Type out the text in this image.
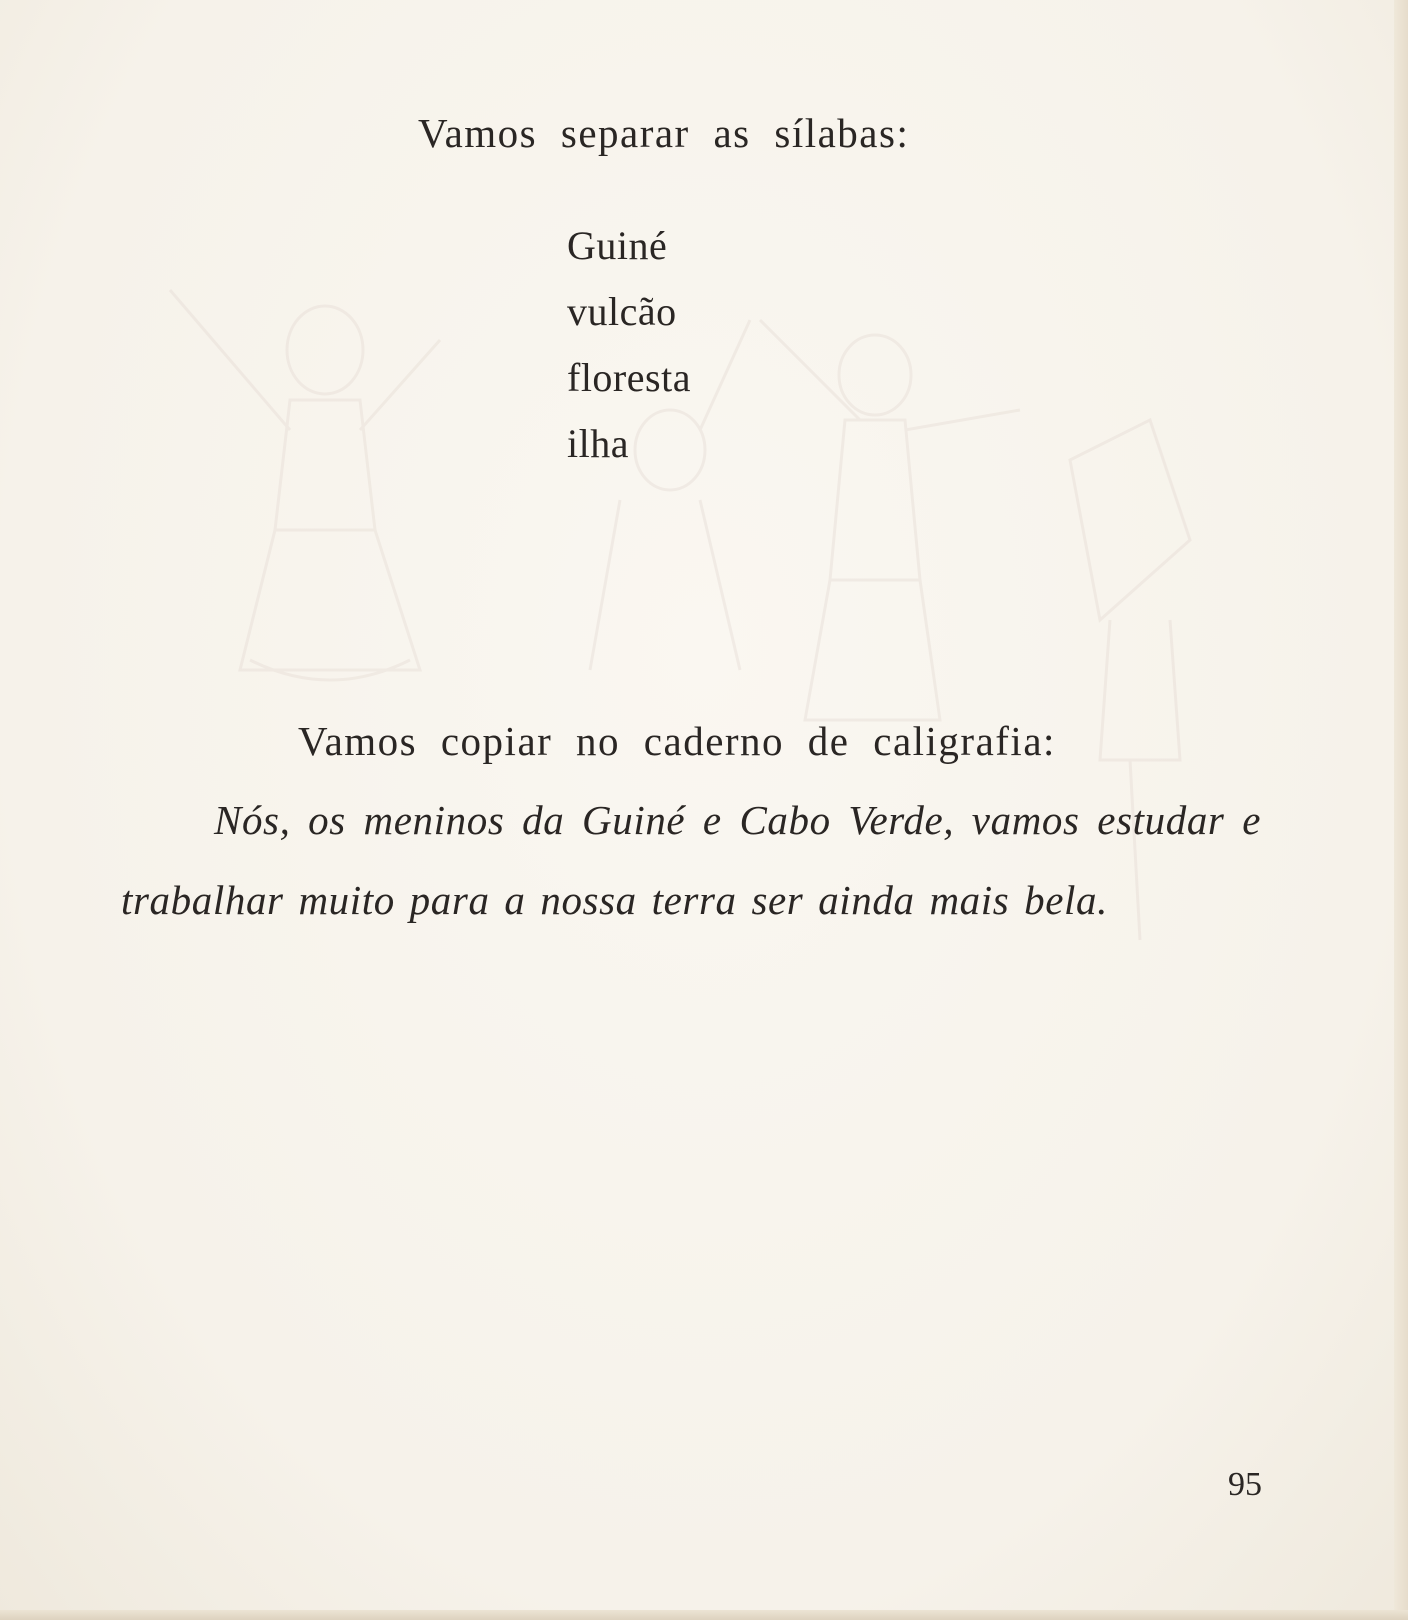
Vamos separar as sílabas:
Guiné
vulcão
floresta
ilha
Vamos copiar no caderno de caligrafia:

Nós, os meninos da Guiné e Cabo Verde, vamos estudar e trabalhar muito para a nossa terra ser ainda mais bela.

95
